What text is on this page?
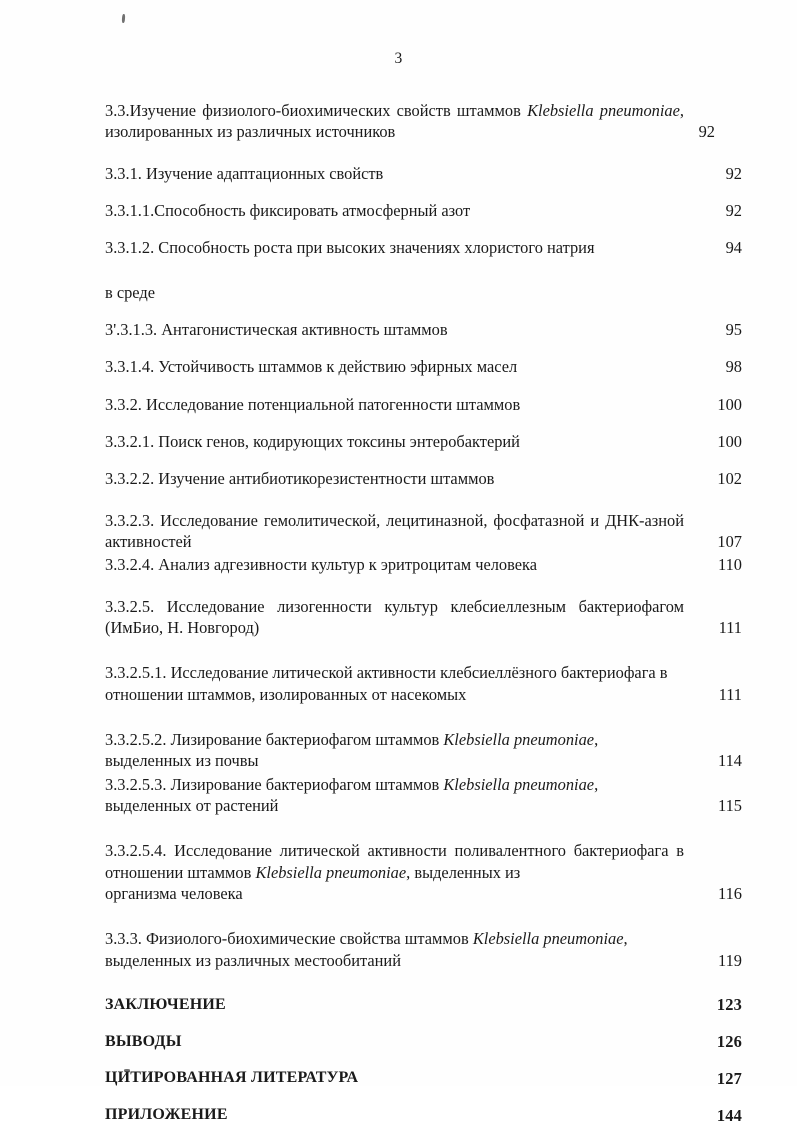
3
3.3.Изучение физиолого-биохимических свойств штаммов Klebsiella pneumoniae, изолированных из различных источников	92
3.3.1. Изучение адаптационных свойств	92
3.3.1.1.Способность фиксировать атмосферный азот	92
3.3.1.2. Способность роста при высоких значениях хлористого натрия	94
в среде
3'.3.1.3. Антагонистическая активность штаммов	95
3.3.1.4. Устойчивость штаммов к действию эфирных масел	98
3.3.2. Исследование потенциальной патогенности штаммов	100
3.3.2.1. Поиск генов, кодирующих токсины энтеробактерий	100
3.3.2.2. Изучение антибиотикорезистентности штаммов	102
3.3.2.3. Исследование гемолитической, лецитиназной, фосфатазной и ДНК-азной активностей	107
3.3.2.4. Анализ адгезивности культур к эритроцитам человека	110
3.3.2.5. Исследование лизогенности культур клебсиеллезным бактериофагом (ИмБио, Н. Новгород)	111
3.3.2.5.1. Исследование литической активности клебсиеллёзного бактериофага в отношении штаммов, изолированных от насекомых	111
3.3.2.5.2. Лизирование бактериофагом штаммов Klebsiella pneumoniae,
выделенных из почвы	114
3.3.2.5.3. Лизирование бактериофагом штаммов Klebsiella pneumoniae,
выделенных от растений	115
3.3.2.5.4. Исследование литической активности поливалентного бактериофага в отношении штаммов Klebsiella pneumoniae, выделенных из
организма человека	116
3.3.3. Физиолого-биохимические свойства штаммов Klebsiella pneumoniae,
выделенных из различных местообитаний	119
ЗАКЛЮЧЕНИЕ	123
ВЫВОДЫ	126
ЦИТИРОВАННАЯ ЛИТЕРАТУРА	127
ПРИЛОЖЕНИЕ	144
